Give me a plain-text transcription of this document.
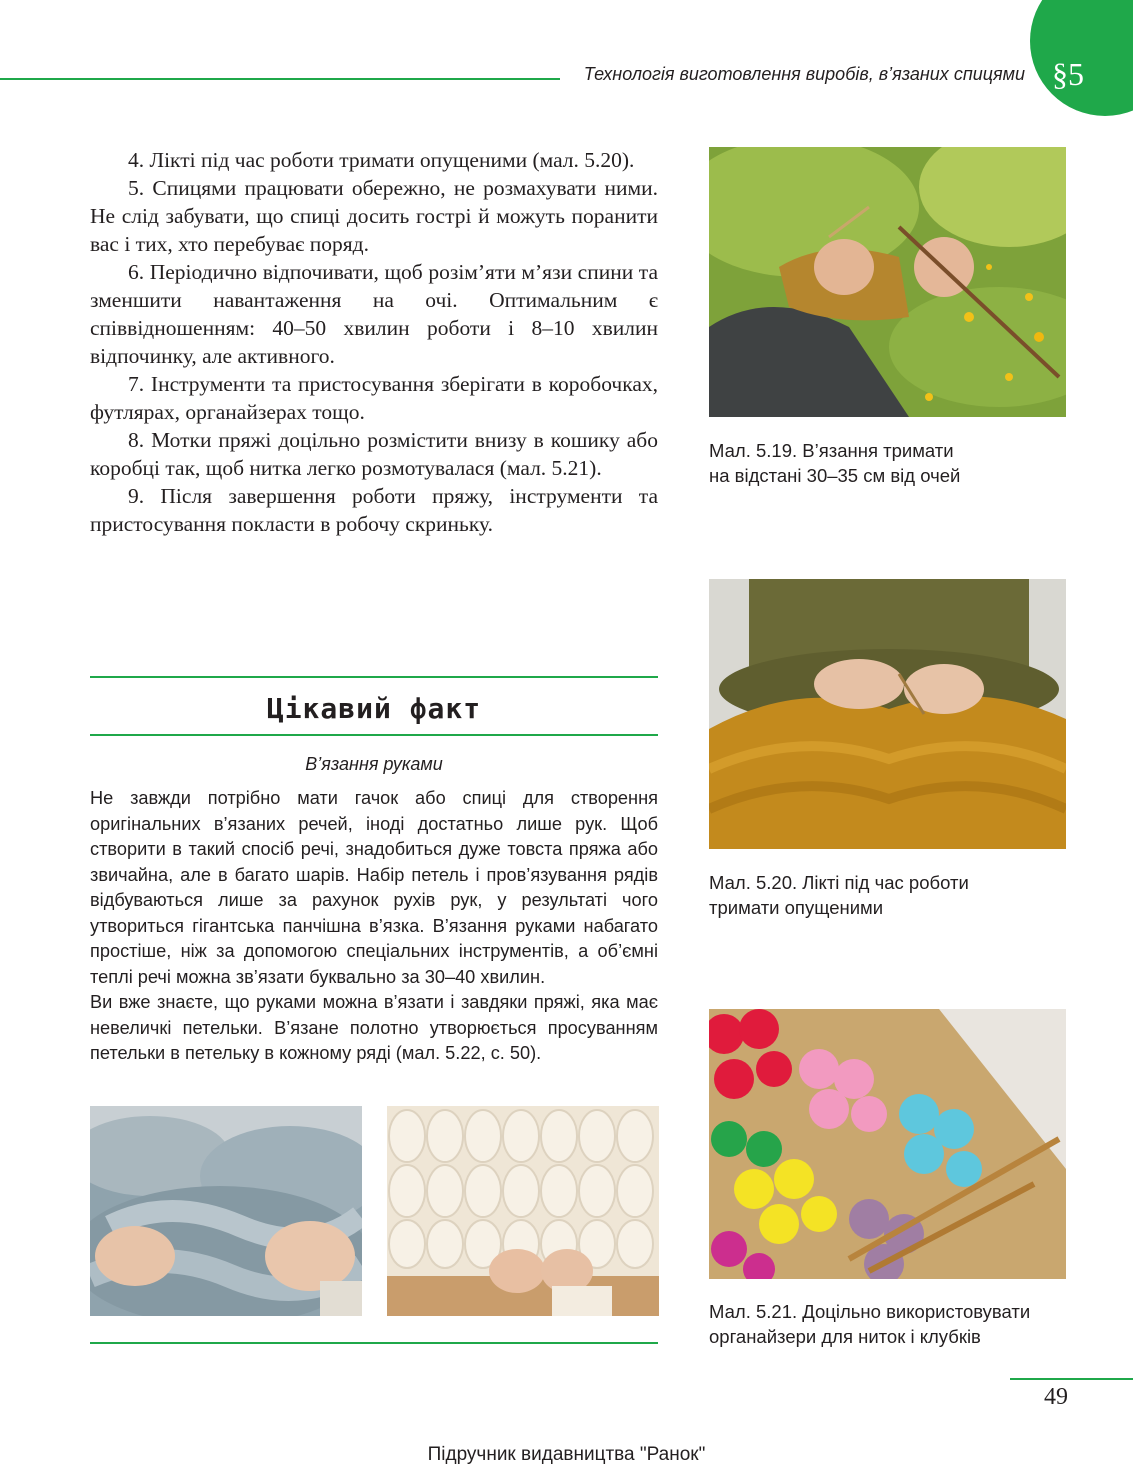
Технологія виготовлення виробів, в’язаних спицями §5

4. Лікті під час роботи тримати опущеними (мал. 5.20).

5. Спицями працювати обережно, не розмахувати ними. Не слід забувати, що спиці досить гострі й можуть поранити вас і тих, хто перебуває поряд.

6. Періодично відпочивати, щоб розім’яти м’язи спини та зменшити навантаження на очі. Оптимальним є співвідношенням: 40–50 хвилин роботи і 8–10 хвилин відпочинку, але активного.

7. Інструменти та пристосування зберігати в коробочках, футлярах, органайзерах тощо.

8. Мотки пряжі доцільно розмістити внизу в кошику або коробці так, щоб нитка легко розмотувалася (мал. 5.21).

9. Після завершення роботи пряжу, інструменти та пристосування покласти в робочу скриньку.

Цікавий факт
В’язання руками

Не завжди потрібно мати гачок або спиці для створення оригінальних в’язаних речей, іноді достатньо лише рук. Щоб створити в такий спосіб речі, знадобиться дуже товста пряжа або звичайна, але в багато шарів. Набір петель і пров’язування рядів відбуваються лише за рахунок рухів рук, у результаті чого утвориться гігантська панчішна в’язка. В’язання руками набагато простіше, ніж за допомогою спеціальних інструментів, а об’ємні теплі речі можна зв’язати буквально за 30–40 хвилин.

Ви вже знаєте, що руками можна в’язати і завдяки пряжі, яка має невеличкі петельки. В’язане полотно утворюється просуванням петельки в петельку в кожному ряді (мал. 5.22, с. 50).

Мал. 5.19. В’язання тримати
на відстані 30–35 см від очей
Мал. 5.20. Лікті під час роботи
тримати опущеними
Мал. 5.21. Доцільно використовувати
органайзери для ниток і клубків
49
Підручник видавництва "Ранок"
